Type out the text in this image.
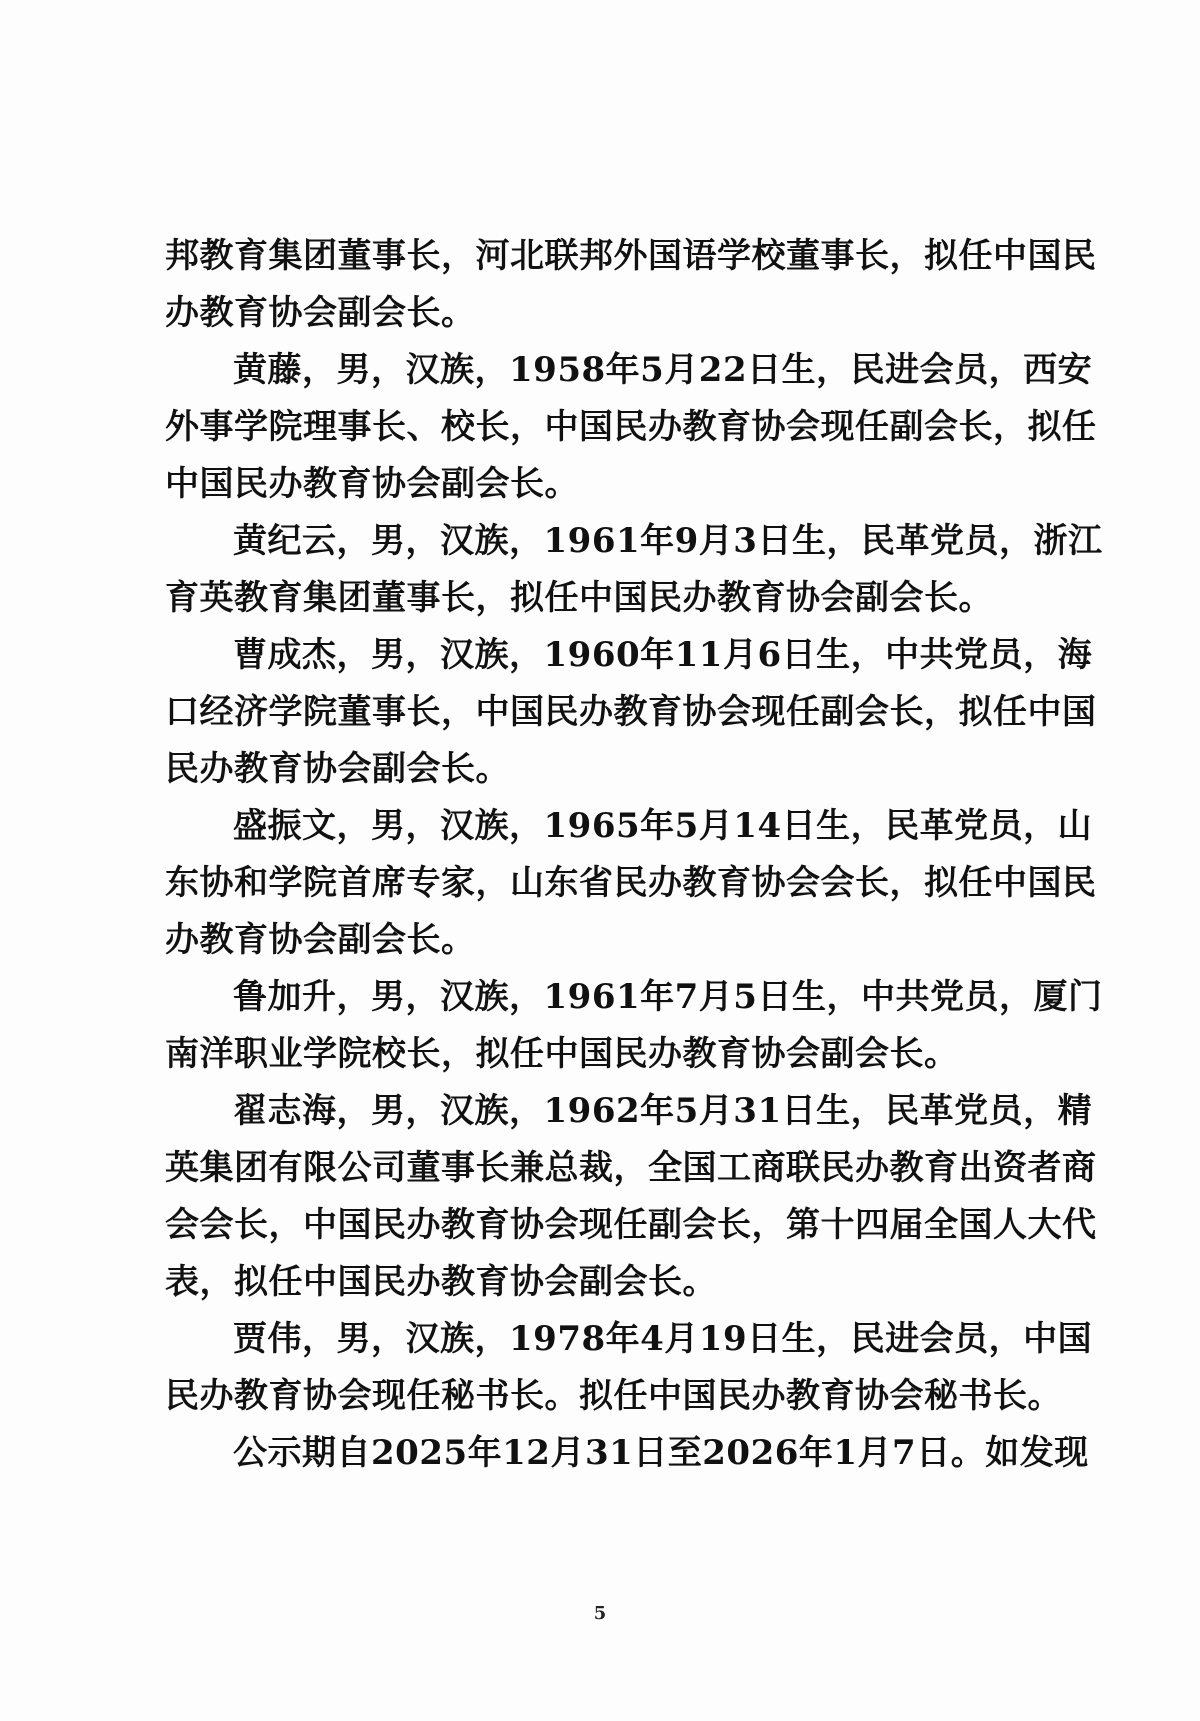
邦教育集团董事长，河北联邦外国语学校董事长，拟任中国民
办教育协会副会长。
黄藤，男，汉族，1958年5月22日生，民进会员，西安
外事学院理事长、校长，中国民办教育协会现任副会长，拟任
中国民办教育协会副会长。
黄纪云，男，汉族，1961年9月3日生，民革党员，浙江
育英教育集团董事长，拟任中国民办教育协会副会长。
曹成杰，男，汉族，1960年11月6日生，中共党员，海
口经济学院董事长，中国民办教育协会现任副会长，拟任中国
民办教育协会副会长。
盛振文，男，汉族，1965年5月14日生，民革党员，山
东协和学院首席专家，山东省民办教育协会会长，拟任中国民
办教育协会副会长。
鲁加升，男，汉族，1961年7月5日生，中共党员，厦门
南洋职业学院校长，拟任中国民办教育协会副会长。
翟志海，男，汉族，1962年5月31日生，民革党员，精
英集团有限公司董事长兼总裁，全国工商联民办教育出资者商
会会长，中国民办教育协会现任副会长，第十四届全国人大代
表，拟任中国民办教育协会副会长。
贾伟，男，汉族，1978年4月19日生，民进会员，中国
民办教育协会现任秘书长。拟任中国民办教育协会秘书长。
公示期自2025年12月31日至2026年1月7日。如发现
5
